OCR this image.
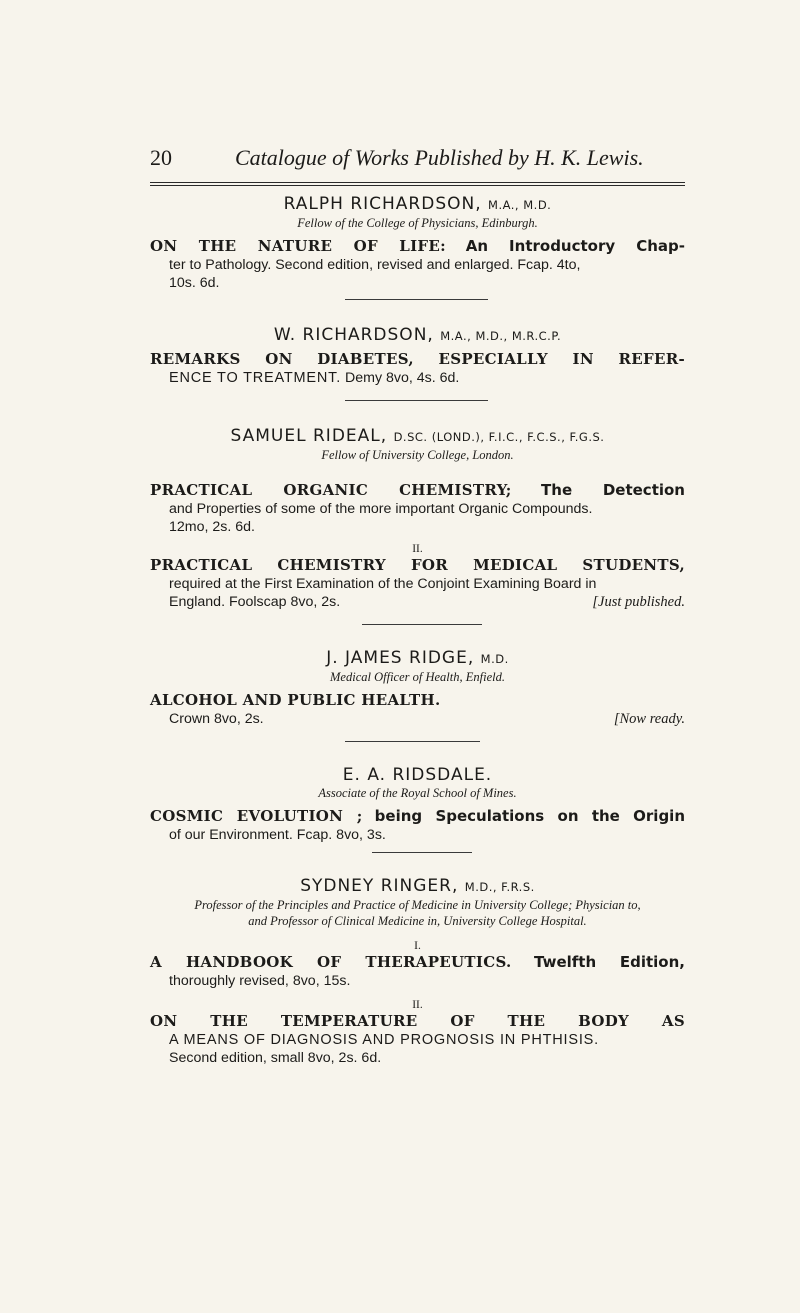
20	Catalogue of Works Published by H. K. Lewis.
RALPH RICHARDSON, M.A., M.D.
Fellow of the College of Physicians, Edinburgh.
ON THE NATURE OF LIFE: An Introductory Chap-
ter to Pathology. Second edition, revised and enlarged. Fcap. 4to,
10s. 6d.
W. RICHARDSON, M.A., M.D., M.R.C.P.
REMARKS ON DIABETES, ESPECIALLY IN REFER-
ENCE TO TREATMENT. Demy 8vo, 4s. 6d.
SAMUEL RIDEAL, D.SC. (LOND.), F.I.C., F.C.S., F.G.S.
Fellow of University College, London.
PRACTICAL ORGANIC CHEMISTRY; The Detection
and Properties of some of the more important Organic Compounds.
12mo, 2s. 6d.
II.
PRACTICAL CHEMISTRY FOR MEDICAL STUDENTS,
required at the First Examination of the Conjoint Examining Board in
England. Foolscap 8vo, 2s.	[Just published.
J. JAMES RIDGE, M.D.
Medical Officer of Health, Enfield.
ALCOHOL AND PUBLIC HEALTH.
Crown 8vo, 2s.	[Now ready.
E. A. RIDSDALE.
Associate of the Royal School of Mines.
COSMIC EVOLUTION ; being Speculations on the Origin
of our Environment. Fcap. 8vo, 3s.
SYDNEY RINGER, M.D., F.R.S.
Professor of the Principles and Practice of Medicine in University College; Physician to,
and Professor of Clinical Medicine in, University College Hospital.
I.
A HANDBOOK OF THERAPEUTICS. Twelfth Edition,
thoroughly revised, 8vo, 15s.
II.
ON THE TEMPERATURE OF THE BODY AS
A MEANS OF DIAGNOSIS AND PROGNOSIS IN PHTHISIS.
Second edition, small 8vo, 2s. 6d.
